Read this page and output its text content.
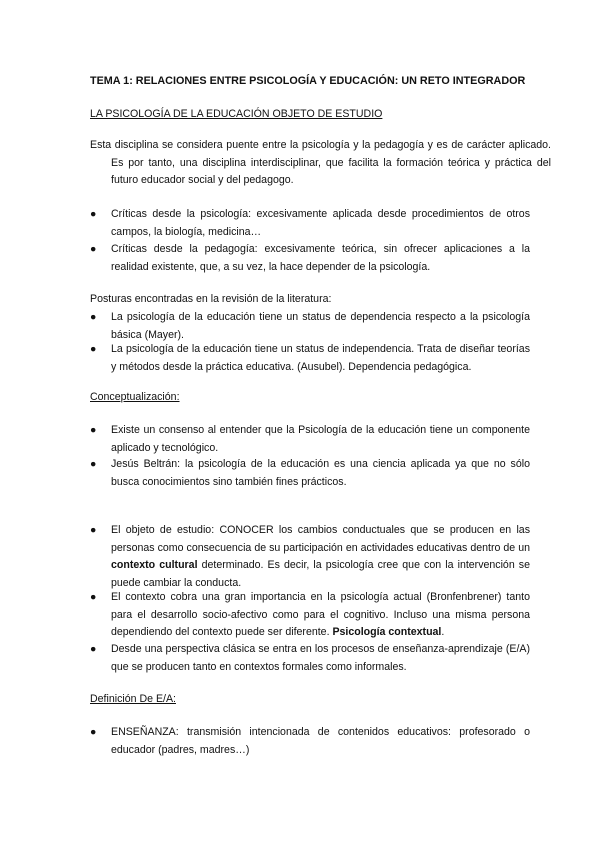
TEMA 1: RELACIONES ENTRE PSICOLOGÍA Y EDUCACIÓN: UN RETO INTEGRADOR
LA PSICOLOGÍA DE LA EDUCACIÓN OBJETO DE ESTUDIO
Esta disciplina se considera puente entre la psicología y la pedagogía y es de carácter aplicado. Es por tanto, una disciplina interdisciplinar, que facilita la formación teórica y práctica del futuro educador social y del pedagogo.
●	Críticas desde la psicología: excesivamente aplicada desde procedimientos de otros campos, la biología, medicina…
●	Críticas desde la pedagogía: excesivamente teórica, sin ofrecer aplicaciones a la realidad existente, que, a su vez, la hace depender de la psicología.
Posturas encontradas en la revisión de la literatura:
●	La psicología de la educación tiene un status de dependencia respecto a la psicología básica (Mayer).
●	La psicología de la educación tiene un status de independencia. Trata de diseñar teorías y métodos desde la práctica educativa. (Ausubel). Dependencia pedagógica.
Conceptualización:
●	Existe un consenso al entender que la Psicología de la educación tiene un componente aplicado y tecnológico.
●	Jesús Beltrán: la psicología de la educación es una ciencia aplicada ya que no sólo busca conocimientos sino también fines prácticos.
●	El objeto de estudio: CONOCER los cambios conductuales que se producen en las personas como consecuencia de su participación en actividades educativas dentro de un contexto cultural determinado. Es decir, la psicología cree que con la intervención se puede cambiar la conducta.
●	El contexto cobra una gran importancia en la psicología actual (Bronfenbrener) tanto para el desarrollo socio-afectivo como para el cognitivo. Incluso una misma persona dependiendo del contexto puede ser diferente. Psicología contextual.
●	Desde una perspectiva clásica se entra en los procesos de enseñanza-aprendizaje (E/A) que se producen tanto en contextos formales como informales.
Definición De E/A:
●	ENSEÑANZA: transmisión intencionada de contenidos educativos: profesorado o educador (padres, madres…)
